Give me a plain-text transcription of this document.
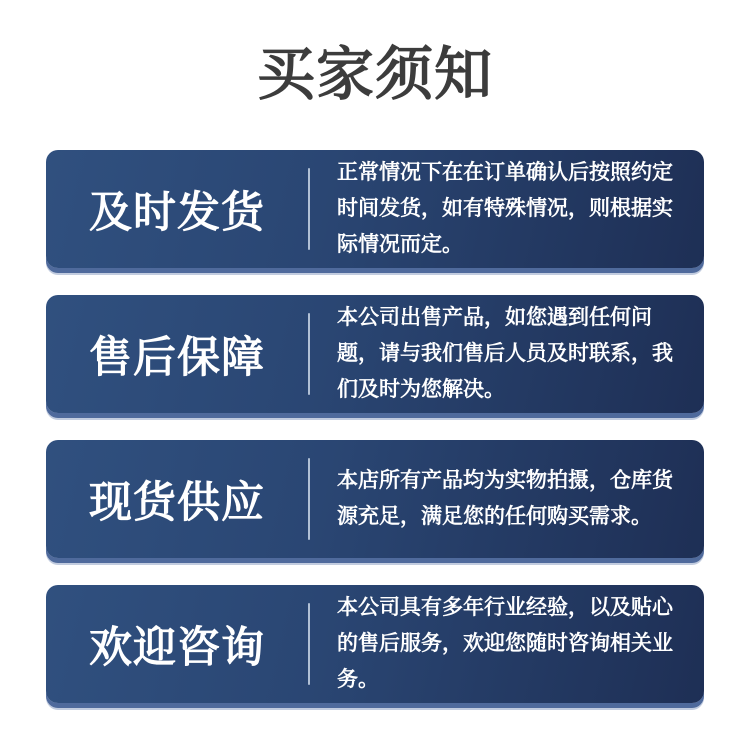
买家须知
及时发货
正常情况下在在订单确认后按照约定时间发货，如有特殊情况，则根据实际情况而定。
售后保障
本公司出售产品，如您遇到任何问题，请与我们售后人员及时联系，我们及时为您解决。
现货供应	本店所有产品均为实物拍摄，仓库货源充足，满足您的任何购买需求。
欢迎咨询
本公司具有多年行业经验，以及贴心的售后服务，欢迎您随时咨询相关业务。
